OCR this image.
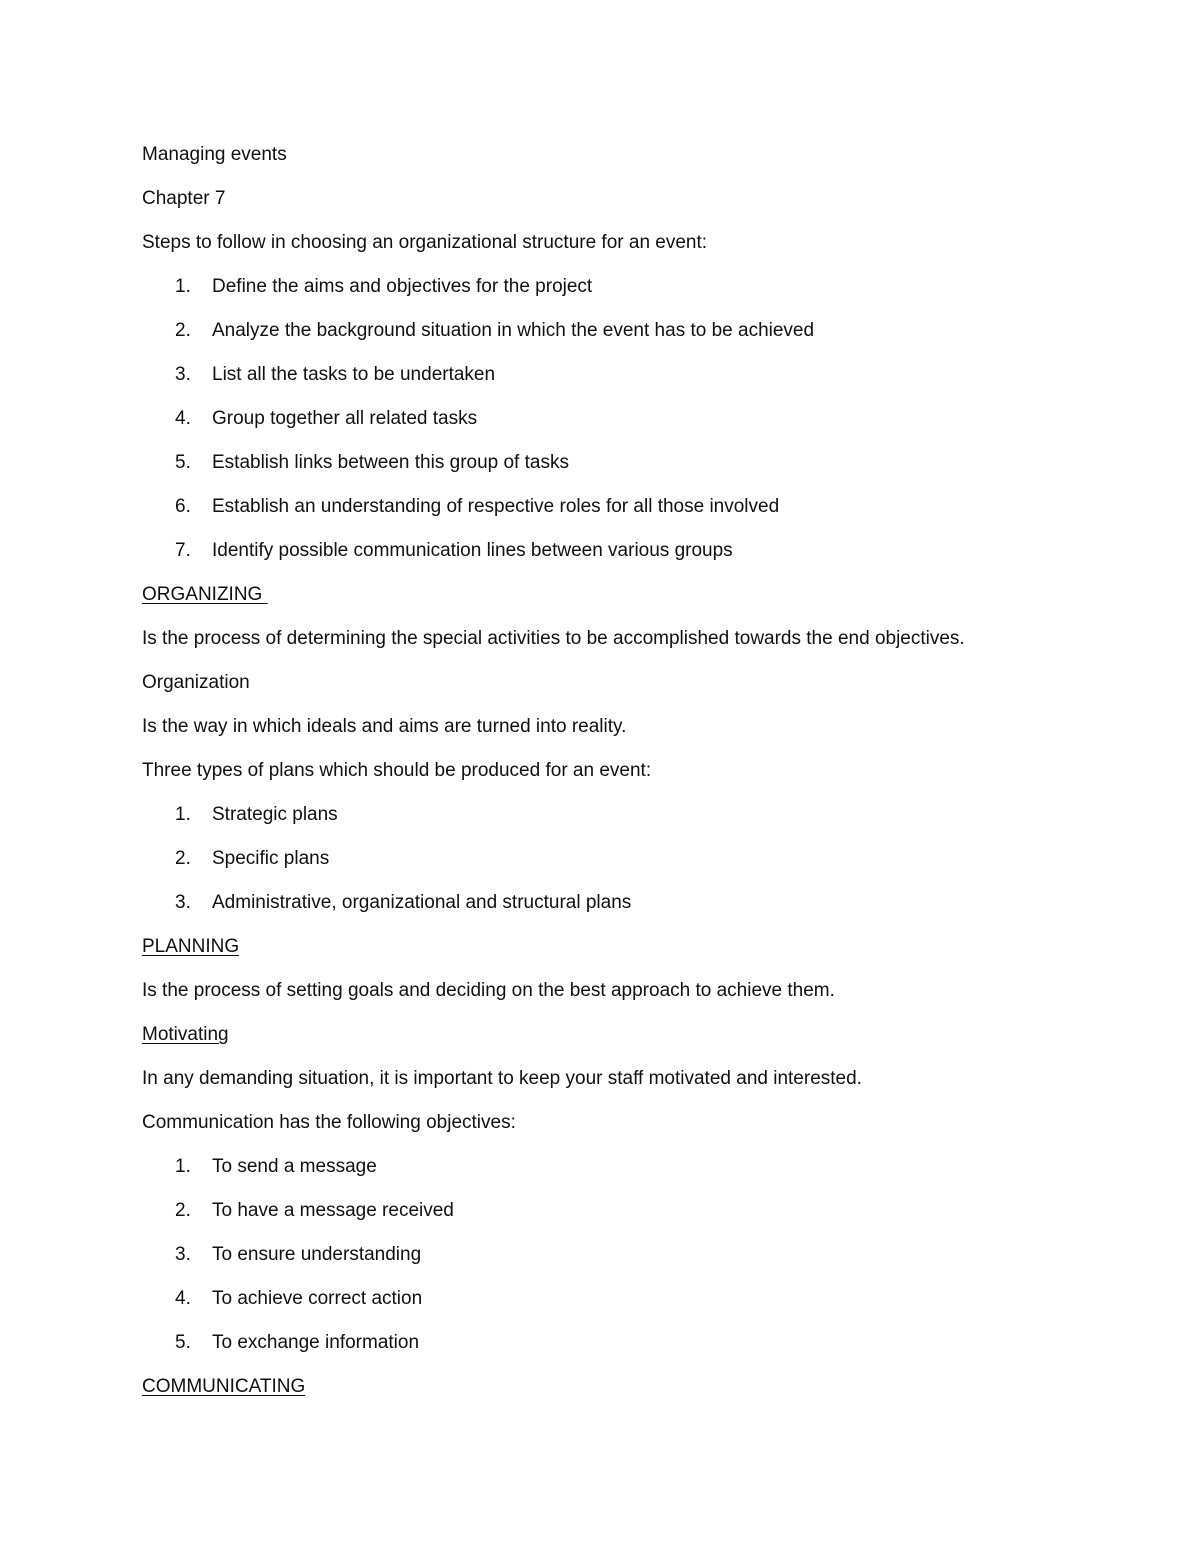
Managing events
Chapter 7
Steps to follow in choosing an organizational structure for an event:
1.	Define the aims and objectives for the project
2.	Analyze the background situation in which the event has to be achieved
3.	List all the tasks to be undertaken
4.	Group together all related tasks
5.	Establish links between this group of tasks
6.	Establish an understanding of respective roles for all those involved
7.	Identify possible communication lines between various groups
ORGANIZING
Is the process of determining the special activities to be accomplished towards the end objectives.
Organization
Is the way in which ideals and aims are turned into reality.
Three types of plans which should be produced for an event:
1.	Strategic plans
2.	Specific plans
3.	Administrative, organizational and structural plans
PLANNING
Is the process of setting goals and deciding on the best approach to achieve them.
Motivating
In any demanding situation, it is important to keep your staff motivated and interested.
Communication has the following objectives:
1.	To send a message
2.	To have a message received
3.	To ensure understanding
4.	To achieve correct action
5.	To exchange information
COMMUNICATING
